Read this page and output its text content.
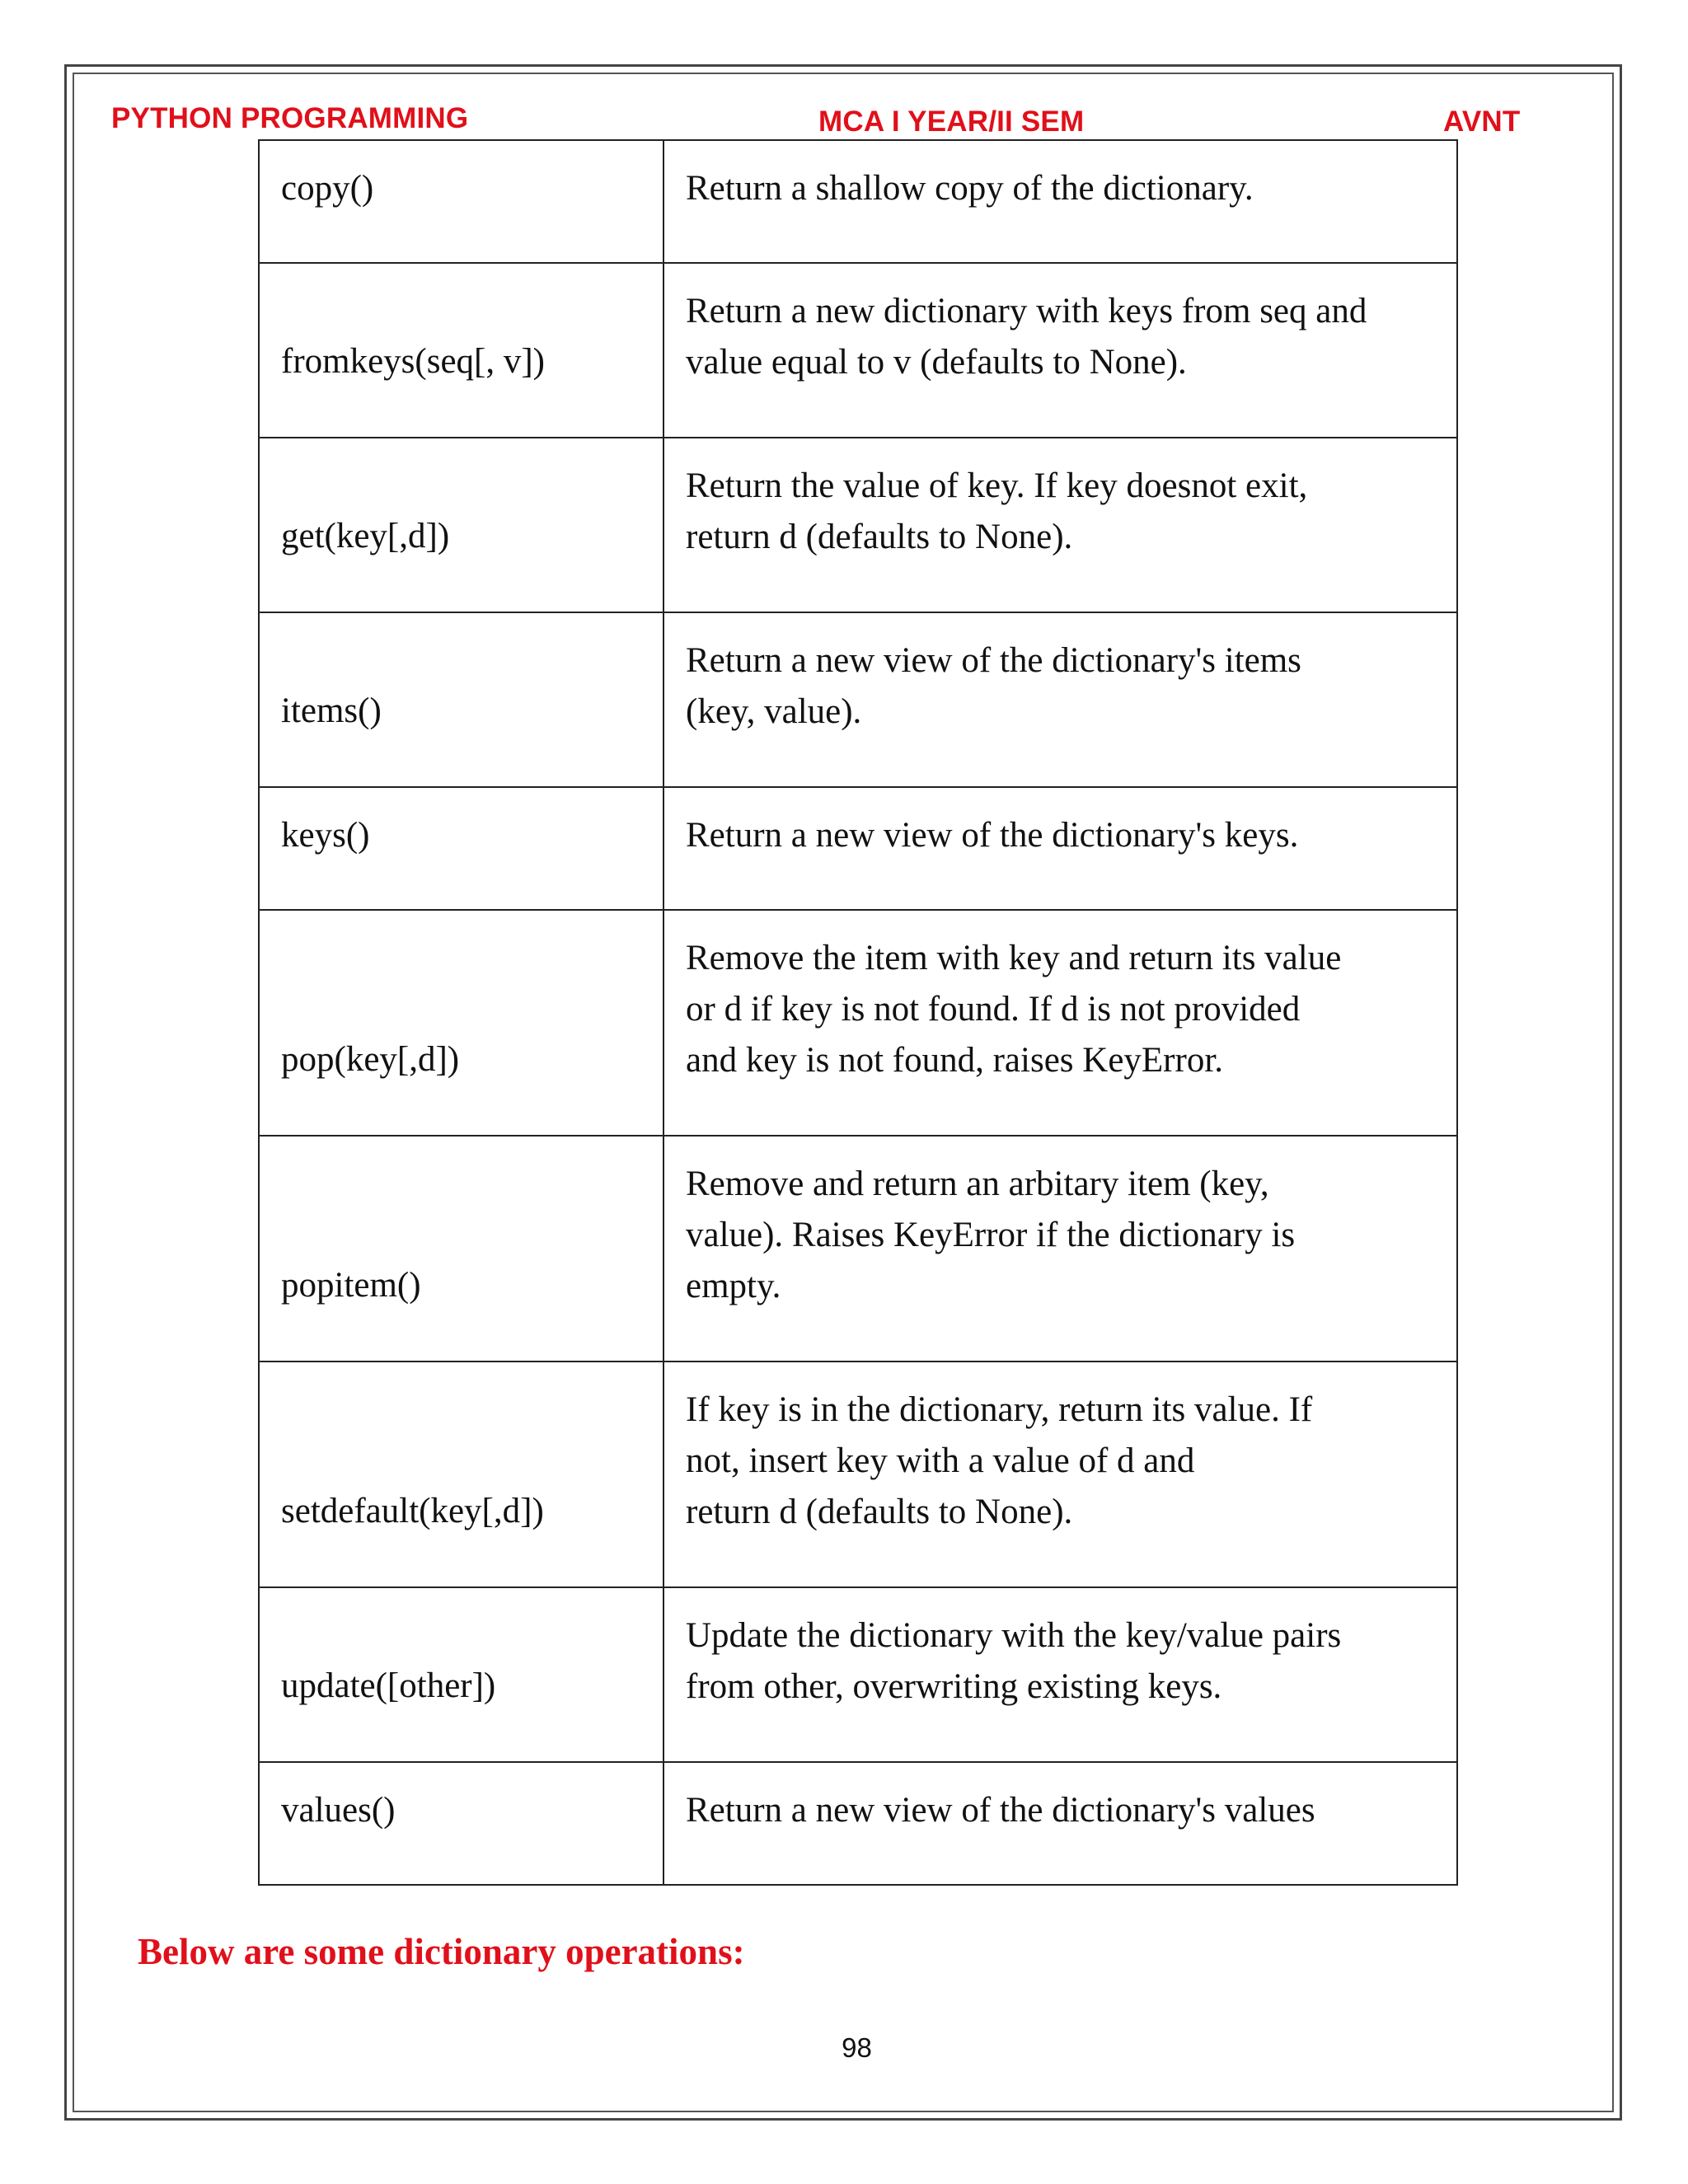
PYTHON PROGRAMMING	MCA I YEAR/II SEM	AVNT
copy()	Return a shallow copy of the dictionary.

fromkeys(seq[, v])	Return a new dictionary with keys from seq and
value equal to v (defaults to None).

get(key[,d])	Return the value of key. If key doesnot exit,
return d (defaults to None).

items()	Return a new view of the dictionary's items
(key, value).

keys()	Return a new view of the dictionary's keys.

pop(key[,d])	Remove the item with key and return its value
or d if key is not found. If d is not provided
and key is not found, raises KeyError.

popitem()	Remove and return an arbitary item (key,
value). Raises KeyError if the dictionary is
empty.

setdefault(key[,d])	If key is in the dictionary, return its value. If
not, insert key with a value of d and
return d (defaults to None).

update([other])	Update the dictionary with the key/value pairs
from other, overwriting existing keys.

values()	Return a new view of the dictionary's values
Below are some dictionary operations:
98
